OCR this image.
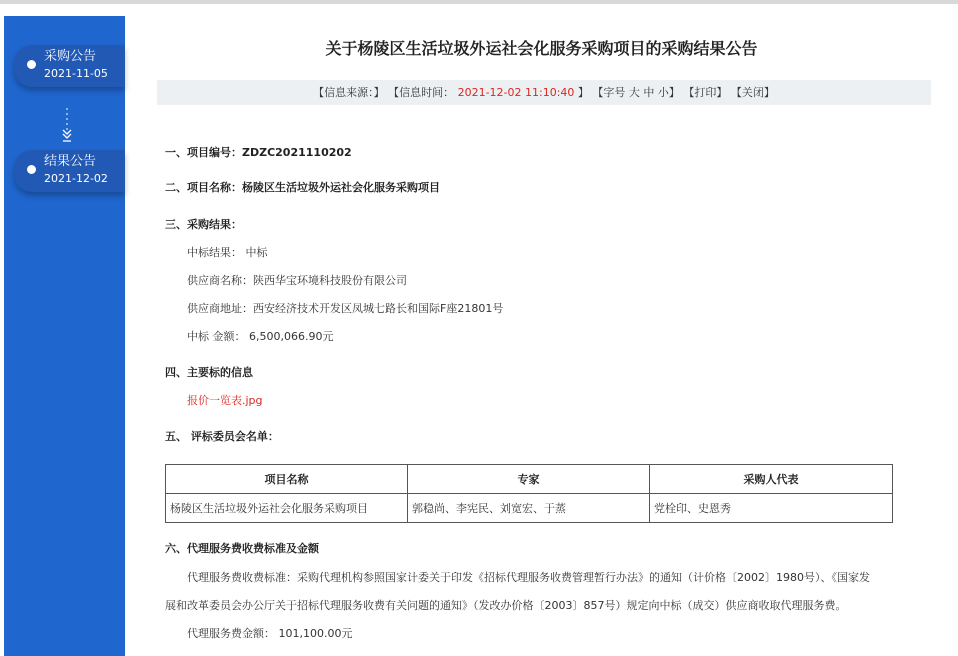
采购公告
2021-11-05
结果公告
2021-12-02
关于杨陵区生活垃圾外运社会化服务采购项目的采购结果公告
【信息来源：】 【信息时间： 2021-12-02 11:10:40 】 【字号 大 中 小】 【打印】 【关闭】
一、项目编号：ZDZC2021110202
二、项目名称：杨陵区生活垃圾外运社会化服务采购项目
三、采购结果：
中标结果： 中标
供应商名称：陕西华宝环境科技股份有限公司
供应商地址：西安经济技术开发区凤城七路长和国际F座21801号
中标 金额： 6,500,066.90元
四、主要标的信息
报价一览表.jpg
五、 评标委员会名单：
项目名称	专家	采购人代表
杨陵区生活垃圾外运社会化服务采购项目	郭稳尚、李宪民、刘宽宏、于蒸	党栓印、史恩秀
六、代理服务费收费标准及金额
代理服务费收费标准：采购代理机构参照国家计委关于印发《招标代理服务收费管理暂行办法》的通知（计价格〔2002〕1980号）、《国家发
展和改革委员会办公厅关于招标代理服务收费有关问题的通知》（发改办价格〔2003〕857号）规定向中标（成交）供应商收取代理服务费。
代理服务费金额： 101,100.00元
